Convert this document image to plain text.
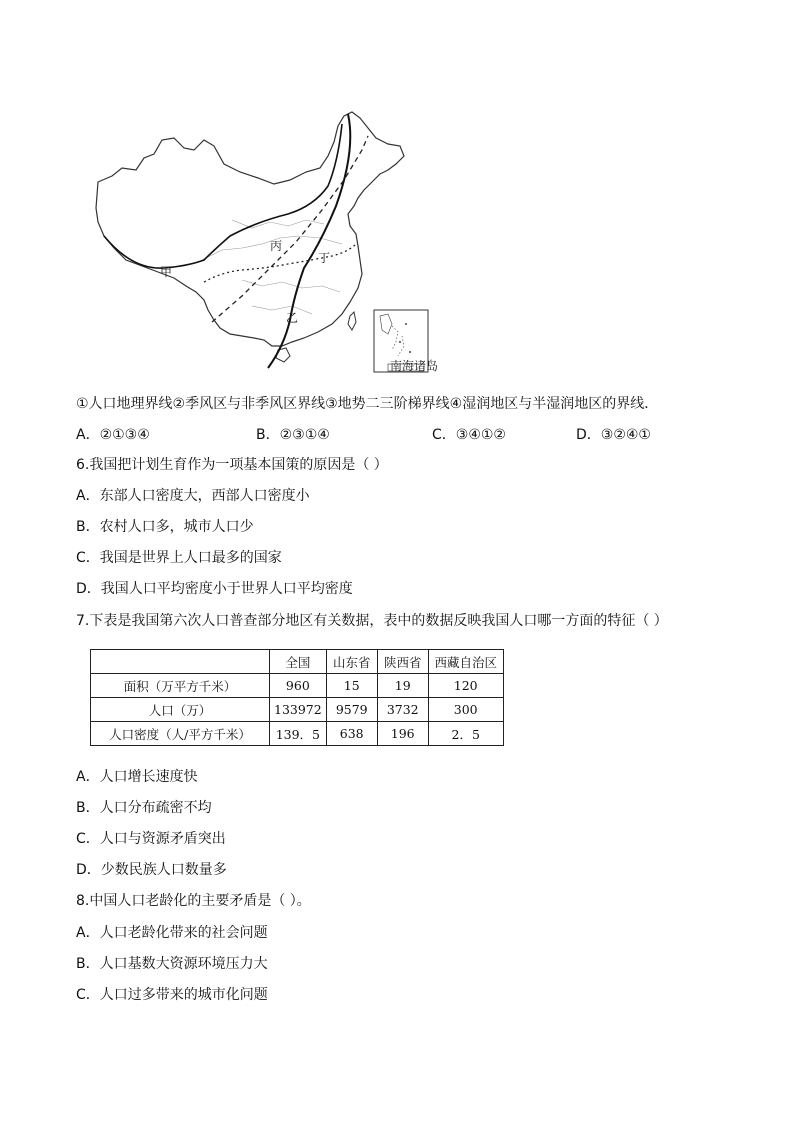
甲
丙
丁
乙
南海诸岛
①人口地理界线②季风区与非季风区界线③地势二三阶梯界线④湿润地区与半湿润地区的界线．
A．②①③④	B．②③①④	C．③④①②	D．③②④①
6.我国把计划生育作为一项基本国策的原因是（ ）
A．东部人口密度大，西部人口密度小
B．农村人口多，城市人口少
C．我国是世界上人口最多的国家
D．我国人口平均密度小于世界人口平均密度
7.下表是我国第六次人口普查部分地区有关数据，表中的数据反映我国人口哪一方面的特征（ ）
	全国	山东省	陕西省	西藏自治区
面积（万平方千米）	960	15	19	120
人口（万）	133972	9579	3732	300
人口密度（人/平方千米）	139．5	638	196	2．5
A．人口增长速度快
B．人口分布疏密不均
C．人口与资源矛盾突出
D．少数民族人口数量多
8.中国人口老龄化的主要矛盾是（ ）。
A．人口老龄化带来的社会问题
B．人口基数大资源环境压力大
C．人口过多带来的城市化问题
